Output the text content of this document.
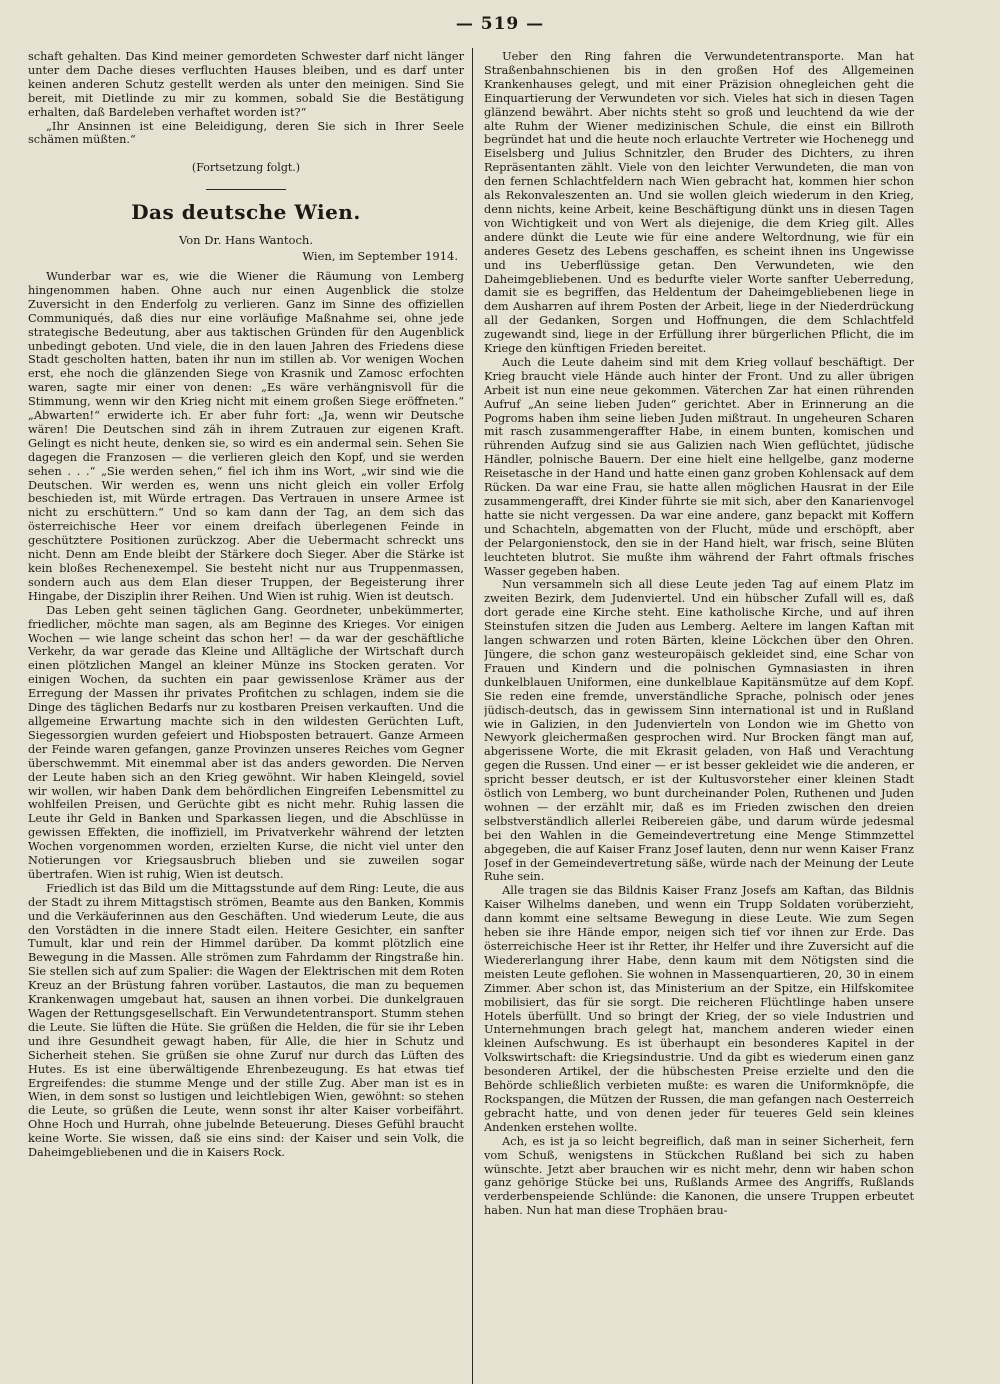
— 519 —

schaft gehalten. Das Kind meiner gemordeten Schwester darf nicht länger unter dem Dache dieses verfluchten Hauses bleiben, und es darf unter keinen anderen Schutz gestellt werden als unter den meinigen. Sind Sie bereit, mit Dietlinde zu mir zu kommen, sobald Sie die Bestätigung erhalten, daß Bardeleben verhaftet worden ist?“

„Ihr Ansinnen ist eine Beleidigung, deren Sie sich in Ihrer Seele schämen müßten.“

(Fortsetzung folgt.)
Das deutsche Wien.
Von Dr. Hans Wantoch.
Wien, im September 1914.

Wunderbar war es, wie die Wiener die Räumung von Lemberg hingenommen haben. Ohne auch nur einen Augenblick die stolze Zuversicht in den Enderfolg zu verlieren. Ganz im Sinne des offiziellen Communiqués, daß dies nur eine vorläufige Maßnahme sei, ohne jede strategische Bedeutung, aber aus taktischen Gründen für den Augenblick unbedingt geboten. Und viele, die in den lauen Jahren des Friedens diese Stadt gescholten hatten, baten ihr nun im stillen ab. Vor wenigen Wochen erst, ehe noch die glänzenden Siege von Krasnik und Zamosc erfochten waren, sagte mir einer von denen: „Es wäre verhängnisvoll für die Stimmung, wenn wir den Krieg nicht mit einem großen Siege eröffneten.“ „Abwarten!“ erwiderte ich. Er aber fuhr fort: „Ja, wenn wir Deutsche wären! Die Deutschen sind zäh in ihrem Zutrauen zur eigenen Kraft. Gelingt es nicht heute, denken sie, so wird es ein andermal sein. Sehen Sie dagegen die Franzosen — die verlieren gleich den Kopf, und sie werden sehen . . .“ „Sie werden sehen,“ fiel ich ihm ins Wort, „wir sind wie die Deutschen. Wir werden es, wenn uns nicht gleich ein voller Erfolg beschieden ist, mit Würde ertragen. Das Vertrauen in unsere Armee ist nicht zu erschüttern.“ Und so kam dann der Tag, an dem sich das österreichische Heer vor einem dreifach überlegenen Feinde in geschütztere Positionen zurückzog. Aber die Uebermacht schreckt uns nicht. Denn am Ende bleibt der Stärkere doch Sieger. Aber die Stärke ist kein bloßes Rechenexempel. Sie besteht nicht nur aus Truppenmassen, sondern auch aus dem Elan dieser Truppen, der Begeisterung ihrer Hingabe, der Disziplin ihrer Reihen. Und Wien ist ruhig. Wien ist deutsch.

Das Leben geht seinen täglichen Gang. Geordneter, unbekümmerter, friedlicher, möchte man sagen, als am Beginne des Krieges. Vor einigen Wochen — wie lange scheint das schon her! — da war der geschäftliche Verkehr, da war gerade das Kleine und Alltägliche der Wirtschaft durch einen plötzlichen Mangel an kleiner Münze ins Stocken geraten. Vor einigen Wochen, da suchten ein paar gewissenlose Krämer aus der Erregung der Massen ihr privates Profitchen zu schlagen, indem sie die Dinge des täglichen Bedarfs nur zu kostbaren Preisen verkauften. Und die allgemeine Erwartung machte sich in den wildesten Gerüchten Luft, Siegessorgien wurden gefeiert und Hiobsposten betrauert. Ganze Armeen der Feinde waren gefangen, ganze Provinzen unseres Reiches vom Gegner überschwemmt. Mit einemmal aber ist das anders geworden. Die Nerven der Leute haben sich an den Krieg gewöhnt. Wir haben Kleingeld, soviel wir wollen, wir haben Dank dem behördlichen Eingreifen Lebensmittel zu wohlfeilen Preisen, und Gerüchte gibt es nicht mehr. Ruhig lassen die Leute ihr Geld in Banken und Sparkassen liegen, und die Abschlüsse in gewissen Effekten, die inoffiziell, im Privatverkehr während der letzten Wochen vorgenommen worden, erzielten Kurse, die nicht viel unter den Notierungen vor Kriegsausbruch blieben und sie zuweilen sogar übertrafen. Wien ist ruhig, Wien ist deutsch.

Friedlich ist das Bild um die Mittagsstunde auf dem Ring: Leute, die aus der Stadt zu ihrem Mittagstisch strömen, Beamte aus den Banken, Kommis und die Verkäuferinnen aus den Geschäften. Und wiederum Leute, die aus den Vorstädten in die innere Stadt eilen. Heitere Gesichter, ein sanfter Tumult, klar und rein der Himmel darüber. Da kommt plötzlich eine Bewegung in die Massen. Alle strömen zum Fahrdamm der Ringstraße hin. Sie stellen sich auf zum Spalier: die Wagen der Elektrischen mit dem Roten Kreuz an der Brüstung fahren vorüber. Lastautos, die man zu bequemen Krankenwagen umgebaut hat, sausen an ihnen vorbei. Die dunkelgrauen Wagen der Rettungsgesellschaft. Ein Verwundetentransport. Stumm stehen die Leute. Sie lüften die Hüte. Sie grüßen die Helden, die für sie ihr Leben und ihre Gesundheit gewagt haben, für Alle, die hier in Schutz und Sicherheit stehen. Sie grüßen sie ohne Zuruf nur durch das Lüften des Hutes. Es ist eine überwältigende Ehrenbezeugung. Es hat etwas tief Ergreifendes: die stumme Menge und der stille Zug. Aber man ist es in Wien, in dem sonst so lustigen und leichtlebigen Wien, gewöhnt: so stehen die Leute, so grüßen die Leute, wenn sonst ihr alter Kaiser vorbeifährt. Ohne Hoch und Hurrah, ohne jubelnde Beteuerung. Dieses Gefühl braucht keine Worte. Sie wissen, daß sie eins sind: der Kaiser und sein Volk, die Daheimgebliebenen und die in Kaisers Rock.

Ueber den Ring fahren die Verwundetentransporte. Man hat Straßenbahnschienen bis in den großen Hof des Allgemeinen Krankenhauses gelegt, und mit einer Präzision ohnegleichen geht die Einquartierung der Verwundeten vor sich. Vieles hat sich in diesen Tagen glänzend bewährt. Aber nichts steht so groß und leuchtend da wie der alte Ruhm der Wiener medizinischen Schule, die einst ein Billroth begründet hat und die heute noch erlauchte Vertreter wie Hochenegg und Eiselsberg und Julius Schnitzler, den Bruder des Dichters, zu ihren Repräsentanten zählt. Viele von den leichter Verwundeten, die man von den fernen Schlachtfeldern nach Wien gebracht hat, kommen hier schon als Rekonvaleszenten an. Und sie wollen gleich wiederum in den Krieg, denn nichts, keine Arbeit, keine Beschäftigung dünkt uns in diesen Tagen von Wichtigkeit und von Wert als diejenige, die dem Krieg gilt. Alles andere dünkt die Leute wie für eine andere Weltordnung, wie für ein anderes Gesetz des Lebens geschaffen, es scheint ihnen ins Ungewisse und ins Ueberflüssige getan. Den Verwundeten, wie den Daheimgebliebenen. Und es bedurfte vieler Worte sanfter Ueberredung, damit sie es begriffen, das Heldentum der Daheimgebliebenen liege in dem Ausharren auf ihrem Posten der Arbeit, liege in der Niederdrückung all der Gedanken, Sorgen und Hoffnungen, die dem Schlachtfeld zugewandt sind, liege in der Erfüllung ihrer bürgerlichen Pflicht, die im Kriege den künftigen Frieden bereitet.

Auch die Leute daheim sind mit dem Krieg vollauf beschäftigt. Der Krieg braucht viele Hände auch hinter der Front. Und zu aller übrigen Arbeit ist nun eine neue gekommen. Väterchen Zar hat einen rührenden Aufruf „An seine lieben Juden“ gerichtet. Aber in Erinnerung an die Pogroms haben ihm seine lieben Juden mißtraut. In ungeheuren Scharen mit rasch zusammengeraffter Habe, in einem bunten, komischen und rührenden Aufzug sind sie aus Galizien nach Wien geflüchtet, jüdische Händler, polnische Bauern. Der eine hielt eine hellgelbe, ganz moderne Reisetasche in der Hand und hatte einen ganz groben Kohlensack auf dem Rücken. Da war eine Frau, sie hatte allen möglichen Hausrat in der Eile zusammengerafft, drei Kinder führte sie mit sich, aber den Kanarienvogel hatte sie nicht vergessen. Da war eine andere, ganz bepackt mit Koffern und Schachteln, abgematten von der Flucht, müde und erschöpft, aber der Pelargonienstock, den sie in der Hand hielt, war frisch, seine Blüten leuchteten blutrot. Sie mußte ihm während der Fahrt oftmals frisches Wasser gegeben haben.

Nun versammeln sich all diese Leute jeden Tag auf einem Platz im zweiten Bezirk, dem Judenviertel. Und ein hübscher Zufall will es, daß dort gerade eine Kirche steht. Eine katholische Kirche, und auf ihren Steinstufen sitzen die Juden aus Lemberg. Aeltere im langen Kaftan mit langen schwarzen und roten Bärten, kleine Löckchen über den Ohren. Jüngere, die schon ganz westeuropäisch gekleidet sind, eine Schar von Frauen und Kindern und die polnischen Gymnasiasten in ihren dunkelblauen Uniformen, eine dunkelblaue Kapitänsmütze auf dem Kopf. Sie reden eine fremde, unverständliche Sprache, polnisch oder jenes jüdisch-deutsch, das in gewissem Sinn international ist und in Rußland wie in Galizien, in den Judenvierteln von London wie im Ghetto von Newyork gleichermaßen gesprochen wird. Nur Brocken fängt man auf, abgerissene Worte, die mit Ekrasit geladen, von Haß und Verachtung gegen die Russen. Und einer — er ist besser gekleidet wie die anderen, er spricht besser deutsch, er ist der Kultusvorsteher einer kleinen Stadt östlich von Lemberg, wo bunt durcheinander Polen, Ruthenen und Juden wohnen — der erzählt mir, daß es im Frieden zwischen den dreien selbstverständlich allerlei Reibereien gäbe, und darum würde jedesmal bei den Wahlen in die Gemeindevertretung eine Menge Stimmzettel abgegeben, die auf Kaiser Franz Josef lauten, denn nur wenn Kaiser Franz Josef in der Gemeindevertretung säße, würde nach der Meinung der Leute Ruhe sein.

Alle tragen sie das Bildnis Kaiser Franz Josefs am Kaftan, das Bildnis Kaiser Wilhelms daneben, und wenn ein Trupp Soldaten vorüberzieht, dann kommt eine seltsame Bewegung in diese Leute. Wie zum Segen heben sie ihre Hände empor, neigen sich tief vor ihnen zur Erde. Das österreichische Heer ist ihr Retter, ihr Helfer und ihre Zuversicht auf die Wiedererlangung ihrer Habe, denn kaum mit dem Nötigsten sind die meisten Leute geflohen. Sie wohnen in Massenquartieren, 20, 30 in einem Zimmer. Aber schon ist, das Ministerium an der Spitze, ein Hilfskomitee mobilisiert, das für sie sorgt. Die reicheren Flüchtlinge haben unsere Hotels überfüllt. Und so bringt der Krieg, der so viele Industrien und Unternehmungen brach gelegt hat, manchem anderen wieder einen kleinen Aufschwung. Es ist überhaupt ein besonderes Kapitel in der Volkswirtschaft: die Kriegsindustrie. Und da gibt es wiederum einen ganz besonderen Artikel, der die hübschesten Preise erzielte und den die Behörde schließlich verbieten mußte: es waren die Uniformknöpfe, die Rockspangen, die Mützen der Russen, die man gefangen nach Oesterreich gebracht hatte, und von denen jeder für teueres Geld sein kleines Andenken erstehen wollte.

Ach, es ist ja so leicht begreiflich, daß man in seiner Sicherheit, fern vom Schuß, wenigstens in Stückchen Rußland bei sich zu haben wünschte. Jetzt aber brauchen wir es nicht mehr, denn wir haben schon ganz gehörige Stücke bei uns, Rußlands Armee des Angriffs, Rußlands verderbenspeiende Schlünde: die Kanonen, die unsere Truppen erbeutet haben. Nun hat man diese Trophäen brau-
